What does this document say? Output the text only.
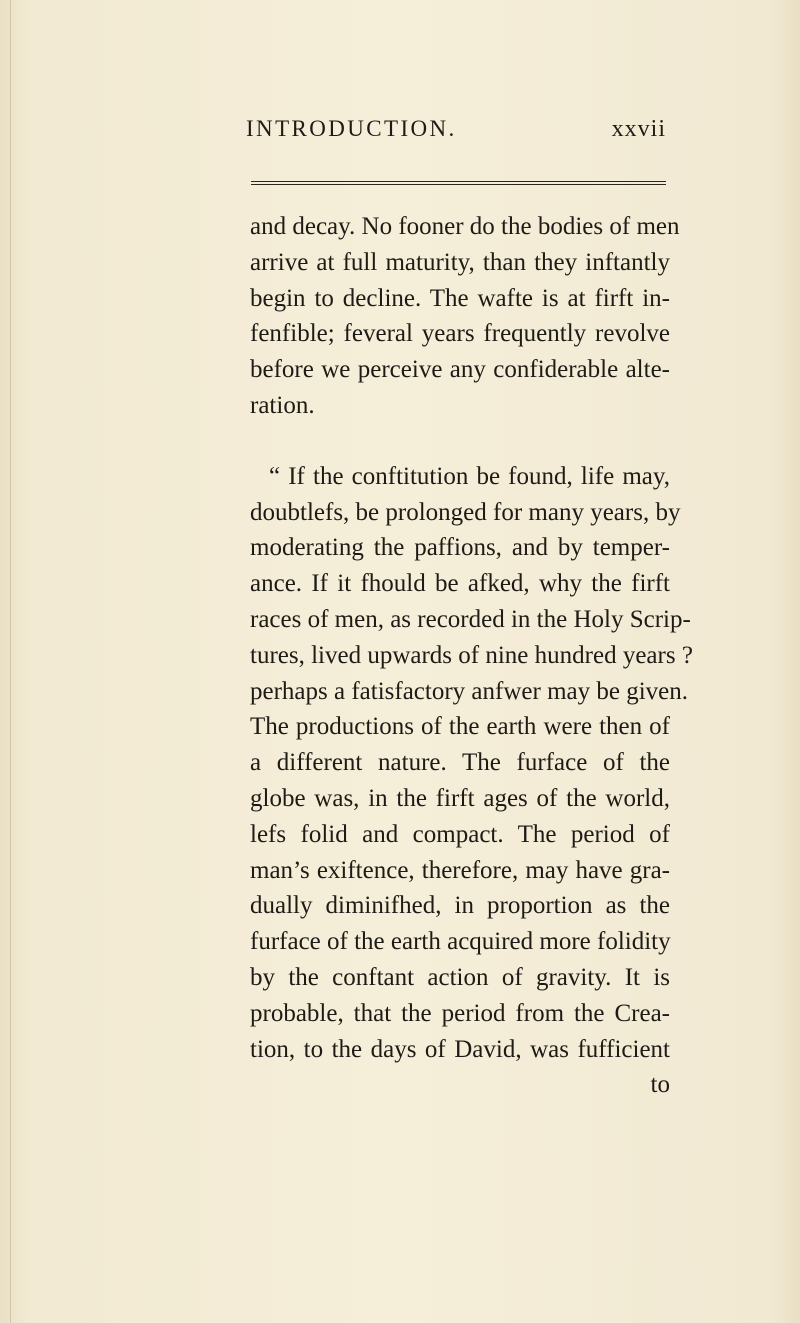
INTRODUCTION.	xxvii
and decay. No fooner do the bodies of men
arrive at full maturity, than they inftantly
begin to decline. The wafte is at firft in-
fenfible; feveral years frequently revolve
before we perceive any confiderable alte-
ration.
“ If the conftitution be found, life may,
doubtlefs, be prolonged for many years, by
moderating the paffions, and by temper-
ance. If it fhould be afked, why the firft
races of men, as recorded in the Holy Scrip-
tures, lived upwards of nine hundred years ?
perhaps a fatisfactory anfwer may be given.
The productions of the earth were then of
a different nature. The furface of the
globe was, in the firft ages of the world,
lefs folid and compact. The period of
man’s exiftence, therefore, may have gra-
dually diminifhed, in proportion as the
furface of the earth acquired more folidity
by the conftant action of gravity. It is
probable, that the period from the Crea-
tion, to the days of David, was fufficient
to
